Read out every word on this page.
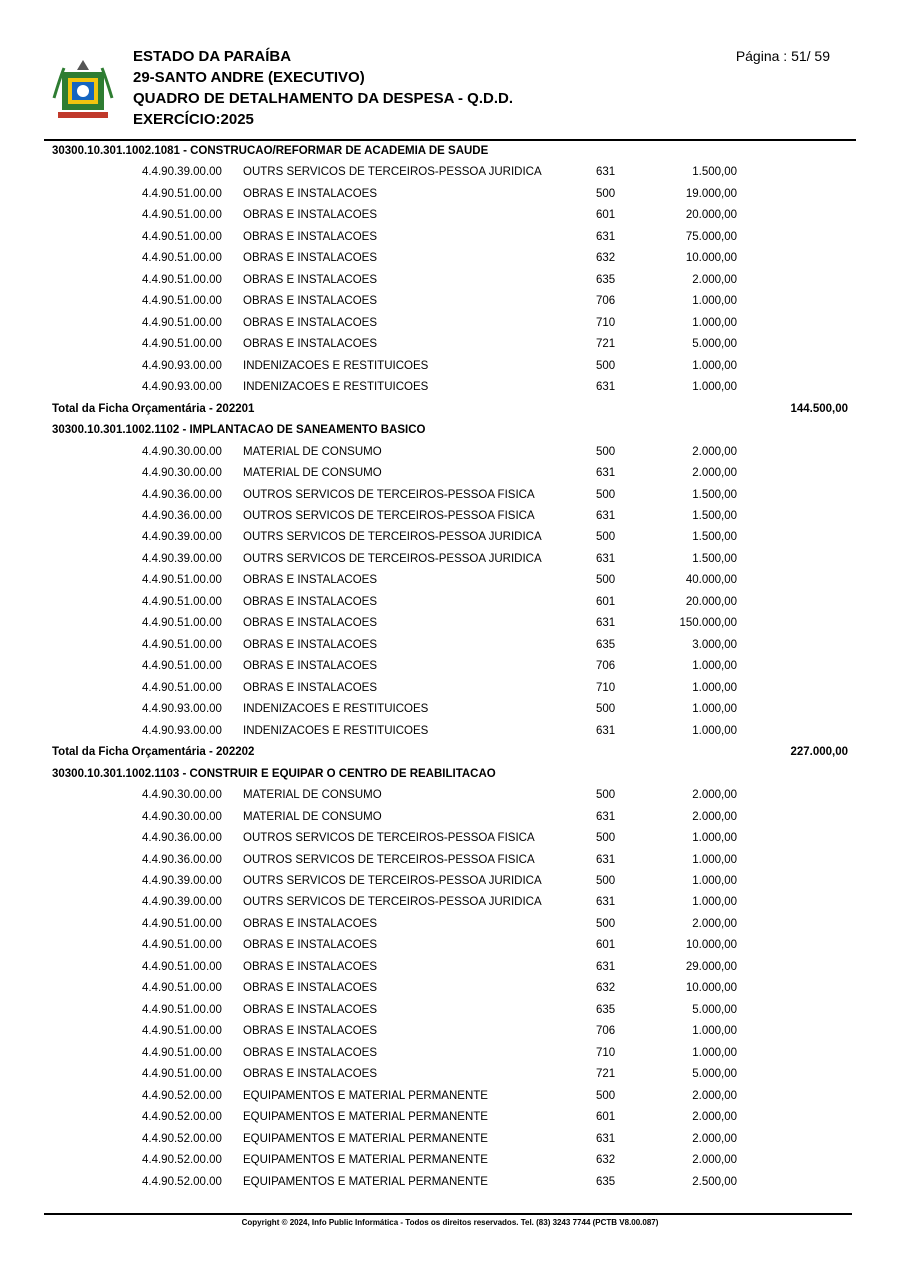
ESTADO DA PARAÍBA
29-SANTO ANDRE (EXECUTIVO)
QUADRO DE DETALHAMENTO DA DESPESA - Q.D.D.
EXERCÍCIO:2025
Página : 51/ 59
30300.10.301.1002.1081 - CONSTRUCAO/REFORMAR DE ACADEMIA DE SAUDE
4.4.90.39.00.00 OUTRS SERVICOS DE TERCEIROS-PESSOA JURIDICA	631	1.500,00
4.4.90.51.00.00 OBRAS E INSTALACOES	500	19.000,00
4.4.90.51.00.00 OBRAS E INSTALACOES	601	20.000,00
4.4.90.51.00.00 OBRAS E INSTALACOES	631	75.000,00
4.4.90.51.00.00 OBRAS E INSTALACOES	632	10.000,00
4.4.90.51.00.00 OBRAS E INSTALACOES	635	2.000,00
4.4.90.51.00.00 OBRAS E INSTALACOES	706	1.000,00
4.4.90.51.00.00 OBRAS E INSTALACOES	710	1.000,00
4.4.90.51.00.00 OBRAS E INSTALACOES	721	5.000,00
4.4.90.93.00.00 INDENIZACOES E RESTITUICOES	500	1.000,00
4.4.90.93.00.00 INDENIZACOES E RESTITUICOES	631	1.000,00
Total da Ficha Orçamentária - 202201	144.500,00
30300.10.301.1002.1102 - IMPLANTACAO DE SANEAMENTO BASICO
4.4.90.30.00.00 MATERIAL DE CONSUMO	500	2.000,00
4.4.90.30.00.00 MATERIAL DE CONSUMO	631	2.000,00
4.4.90.36.00.00 OUTROS SERVICOS DE TERCEIROS-PESSOA FISICA	500	1.500,00
4.4.90.36.00.00 OUTROS SERVICOS DE TERCEIROS-PESSOA FISICA	631	1.500,00
4.4.90.39.00.00 OUTRS SERVICOS DE TERCEIROS-PESSOA JURIDICA	500	1.500,00
4.4.90.39.00.00 OUTRS SERVICOS DE TERCEIROS-PESSOA JURIDICA	631	1.500,00
4.4.90.51.00.00 OBRAS E INSTALACOES	500	40.000,00
4.4.90.51.00.00 OBRAS E INSTALACOES	601	20.000,00
4.4.90.51.00.00 OBRAS E INSTALACOES	631	150.000,00
4.4.90.51.00.00 OBRAS E INSTALACOES	635	3.000,00
4.4.90.51.00.00 OBRAS E INSTALACOES	706	1.000,00
4.4.90.51.00.00 OBRAS E INSTALACOES	710	1.000,00
4.4.90.93.00.00 INDENIZACOES E RESTITUICOES	500	1.000,00
4.4.90.93.00.00 INDENIZACOES E RESTITUICOES	631	1.000,00
Total da Ficha Orçamentária - 202202	227.000,00
30300.10.301.1002.1103 - CONSTRUIR E EQUIPAR O CENTRO DE REABILITACAO
4.4.90.30.00.00 MATERIAL DE CONSUMO	500	2.000,00
4.4.90.30.00.00 MATERIAL DE CONSUMO	631	2.000,00
4.4.90.36.00.00 OUTROS SERVICOS DE TERCEIROS-PESSOA FISICA	500	1.000,00
4.4.90.36.00.00 OUTROS SERVICOS DE TERCEIROS-PESSOA FISICA	631	1.000,00
4.4.90.39.00.00 OUTRS SERVICOS DE TERCEIROS-PESSOA JURIDICA	500	1.000,00
4.4.90.39.00.00 OUTRS SERVICOS DE TERCEIROS-PESSOA JURIDICA	631	1.000,00
4.4.90.51.00.00 OBRAS E INSTALACOES	500	2.000,00
4.4.90.51.00.00 OBRAS E INSTALACOES	601	10.000,00
4.4.90.51.00.00 OBRAS E INSTALACOES	631	29.000,00
4.4.90.51.00.00 OBRAS E INSTALACOES	632	10.000,00
4.4.90.51.00.00 OBRAS E INSTALACOES	635	5.000,00
4.4.90.51.00.00 OBRAS E INSTALACOES	706	1.000,00
4.4.90.51.00.00 OBRAS E INSTALACOES	710	1.000,00
4.4.90.51.00.00 OBRAS E INSTALACOES	721	5.000,00
4.4.90.52.00.00 EQUIPAMENTOS E MATERIAL PERMANENTE	500	2.000,00
4.4.90.52.00.00 EQUIPAMENTOS E MATERIAL PERMANENTE	601	2.000,00
4.4.90.52.00.00 EQUIPAMENTOS E MATERIAL PERMANENTE	631	2.000,00
4.4.90.52.00.00 EQUIPAMENTOS E MATERIAL PERMANENTE	632	2.000,00
4.4.90.52.00.00 EQUIPAMENTOS E MATERIAL PERMANENTE	635	2.500,00
Copyright © 2024, Info Public Informática - Todos os direitos reservados. Tel. (83) 3243 7744 (PCTB V8.00.087)
